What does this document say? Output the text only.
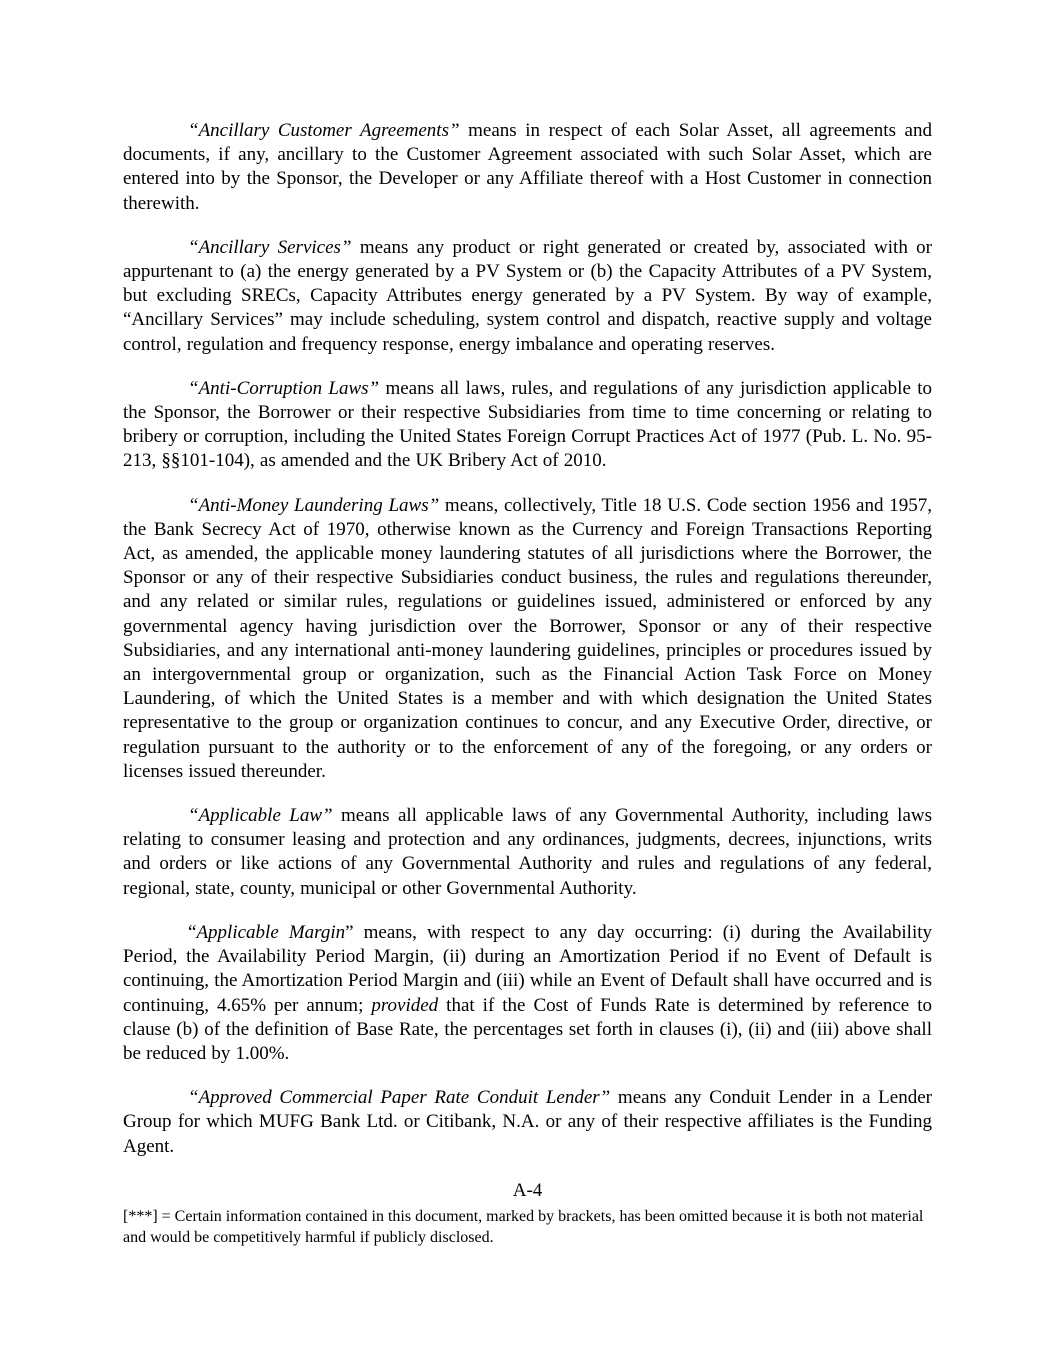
“Ancillary Customer Agreements” means in respect of each Solar Asset, all agreements and documents, if any, ancillary to the Customer Agreement associated with such Solar Asset, which are entered into by the Sponsor, the Developer or any Affiliate thereof with a Host Customer in connection therewith.

“Ancillary Services” means any product or right generated or created by, associated with or appurtenant to (a) the energy generated by a PV System or (b) the Capacity Attributes of a PV System, but excluding SRECs, Capacity Attributes energy generated by a PV System. By way of example, “Ancillary Services” may include scheduling, system control and dispatch, reactive supply and voltage control, regulation and frequency response, energy imbalance and operating reserves.

“Anti-Corruption Laws” means all laws, rules, and regulations of any jurisdiction applicable to the Sponsor, the Borrower or their respective Subsidiaries from time to time concerning or relating to bribery or corruption, including the United States Foreign Corrupt Practices Act of 1977 (Pub. L. No. 95-213, §§101-104), as amended and the UK Bribery Act of 2010.

“Anti-Money Laundering Laws” means, collectively, Title 18 U.S. Code section 1956 and 1957, the Bank Secrecy Act of 1970, otherwise known as the Currency and Foreign Transactions Reporting Act, as amended, the applicable money laundering statutes of all jurisdictions where the Borrower, the Sponsor or any of their respective Subsidiaries conduct business, the rules and regulations thereunder, and any related or similar rules, regulations or guidelines issued, administered or enforced by any governmental agency having jurisdiction over the Borrower, Sponsor or any of their respective Subsidiaries, and any international anti-money laundering guidelines, principles or procedures issued by an intergovernmental group or organization, such as the Financial Action Task Force on Money Laundering, of which the United States is a member and with which designation the United States representative to the group or organization continues to concur, and any Executive Order, directive, or regulation pursuant to the authority or to the enforcement of any of the foregoing, or any orders or licenses issued thereunder.

“Applicable Law” means all applicable laws of any Governmental Authority, including laws relating to consumer leasing and protection and any ordinances, judgments, decrees, injunctions, writs and orders or like actions of any Governmental Authority and rules and regulations of any federal, regional, state, county, municipal or other Governmental Authority.

“Applicable Margin” means, with respect to any day occurring: (i) during the Availability Period, the Availability Period Margin, (ii) during an Amortization Period if no Event of Default is continuing, the Amortization Period Margin and (iii) while an Event of Default shall have occurred and is continuing, 4.65% per annum; provided that if the Cost of Funds Rate is determined by reference to clause (b) of the definition of Base Rate, the percentages set forth in clauses (i), (ii) and (iii) above shall be reduced by 1.00%.

“Approved Commercial Paper Rate Conduit Lender” means any Conduit Lender in a Lender Group for which MUFG Bank Ltd. or Citibank, N.A. or any of their respective affiliates is the Funding Agent.

A-4
[***] = Certain information contained in this document, marked by brackets, has been omitted because it is both not material and would be competitively harmful if publicly disclosed.
